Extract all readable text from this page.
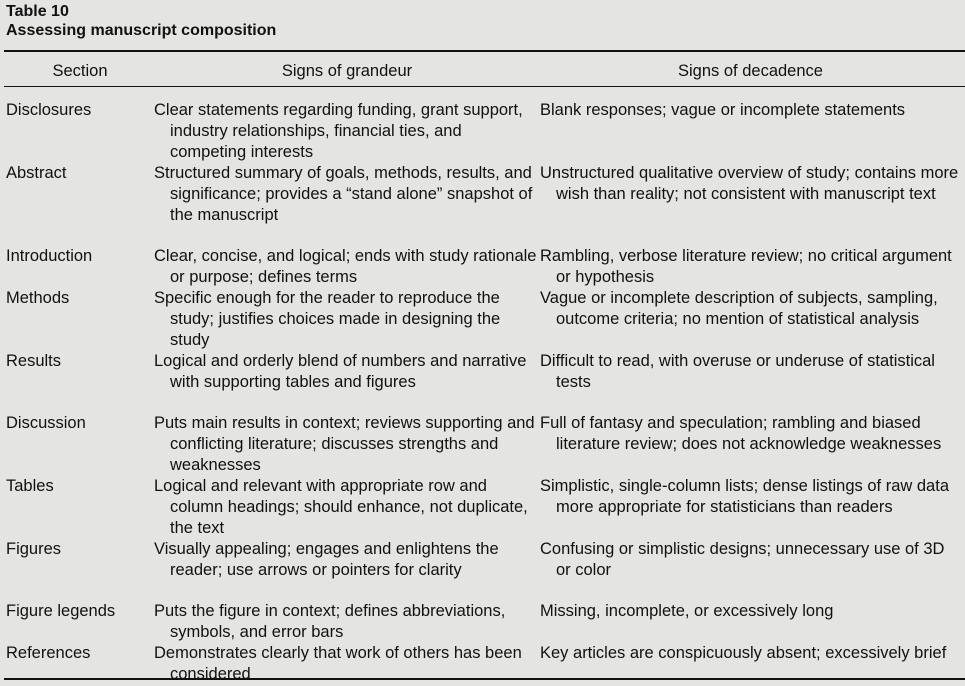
Table 10
Assessing manuscript composition
Section	Signs of grandeur	Signs of decadence

Disclosures	Clear statements regarding funding, grant support, industry relationships, financial ties, and competing interests	Blank responses; vague or incomplete statements

Abstract	Structured summary of goals, methods, results, and significance; provides a “stand alone” snapshot of the manuscript	Unstructured qualitative overview of study; contains more wish than reality; not consistent with manuscript text

Introduction	Clear, concise, and logical; ends with study rationale or purpose; defines terms	Rambling, verbose literature review; no critical argument or hypothesis

Methods	Specific enough for the reader to reproduce the study; justifies choices made in designing the study	Vague or incomplete description of subjects, sampling, outcome criteria; no mention of statistical analysis

Results	Logical and orderly blend of numbers and narrative with supporting tables and figures	Difficult to read, with overuse or underuse of statistical tests

Discussion	Puts main results in context; reviews supporting and conflicting literature; discusses strengths and weaknesses	Full of fantasy and speculation; rambling and biased literature review; does not acknowledge weaknesses

Tables	Logical and relevant with appropriate row and column headings; should enhance, not duplicate, the text	Simplistic, single-column lists; dense listings of raw data more appropriate for statisticians than readers

Figures	Visually appealing; engages and enlightens the reader; use arrows or pointers for clarity	Confusing or simplistic designs; unnecessary use of 3D or color

Figure legends	Puts the figure in context; defines abbreviations, symbols, and error bars	Missing, incomplete, or excessively long

References	Demonstrates clearly that work of others has been considered	Key articles are conspicuously absent; excessively brief
